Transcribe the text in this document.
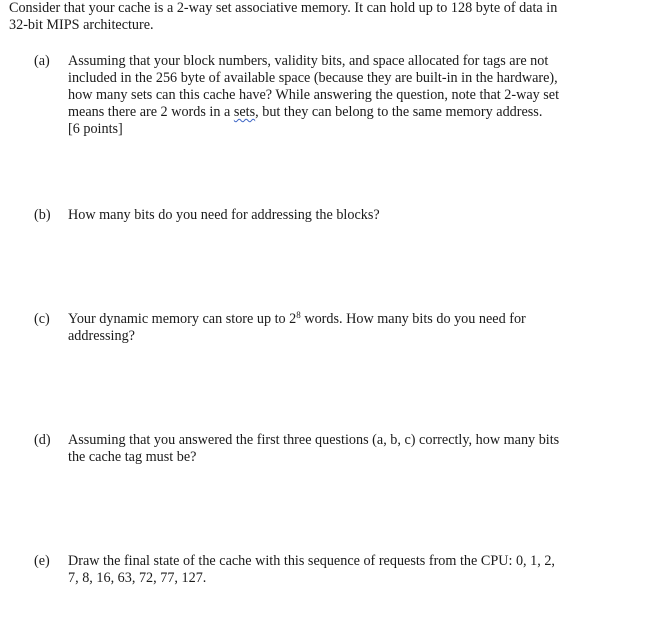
Consider that your cache is a 2-way set associative memory. It can hold up to 128 byte of data in
32-bit MIPS architecture.
(a)	Assuming that your block numbers, validity bits, and space allocated for tags are not
included in the 256 byte of available space (because they are built-in in the hardware),
how many sets can this cache have? While answering the question, note that 2-way set
means there are 2 words in a sets, but they can belong to the same memory address.
[6 points]
(b)	How many bits do you need for addressing the blocks?
(c)	Your dynamic memory can store up to $2^8$ words. How many bits do you need for
addressing?
(d)	Assuming that you answered the first three questions (a, b, c) correctly, how many bits
the cache tag must be?
(e)	Draw the final state of the cache with this sequence of requests from the CPU: 0, 1, 2,
7, 8, 16, 63, 72, 77, 127.
